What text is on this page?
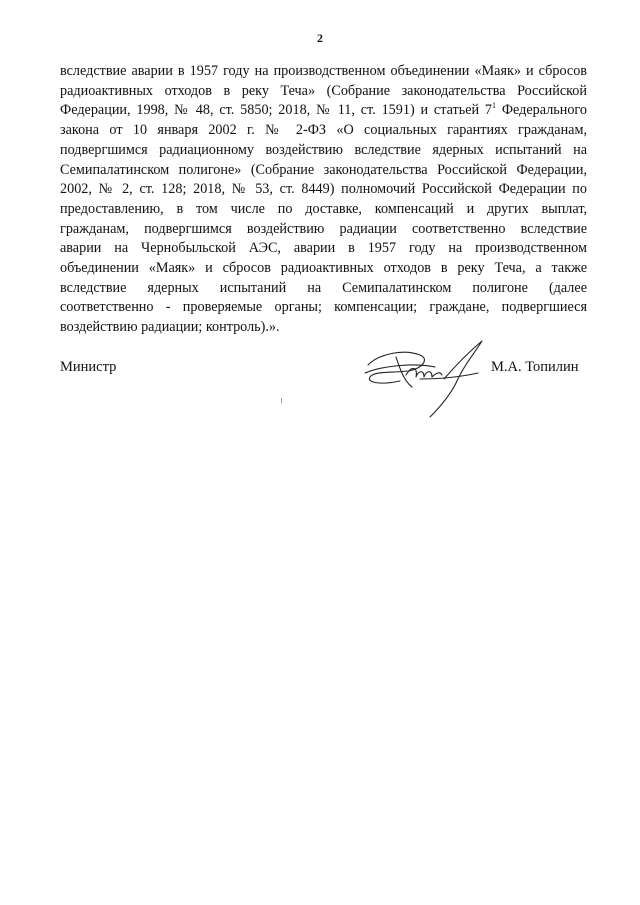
2
вследствие аварии в 1957 году на производственном объединении «Маяк» и сбросов
радиоактивных отходов в реку Теча» (Собрание законодательства Российской
Федерации, 1998, № 48, ст. 5850; 2018, № 11, ст. 1591) и статьей $7^1$ Федерального
закона от 10 января 2002 г. № 2-ФЗ «О социальных гарантиях гражданам,
подвергшимся радиационному воздействию вследствие ядерных испытаний на
Семипалатинском полигоне» (Собрание законодательства Российской Федерации,
2002, № 2, ст. 128; 2018, № 53, ст. 8449) полномочий Российской Федерации по
предоставлению, в том числе по доставке, компенсаций и других выплат,
гражданам, подвергшимся воздействию радиации соответственно вследствие
аварии на Чернобыльской АЭС, аварии в 1957 году на производственном
объединении «Маяк» и сбросов радиоактивных отходов в реку Теча, а также
вследствие ядерных испытаний на Семипалатинском полигоне (далее
соответственно - проверяемые органы; компенсации; граждане, подвергшиеся
воздействию радиации; контроль).».
Министр	М.А. Топилин
